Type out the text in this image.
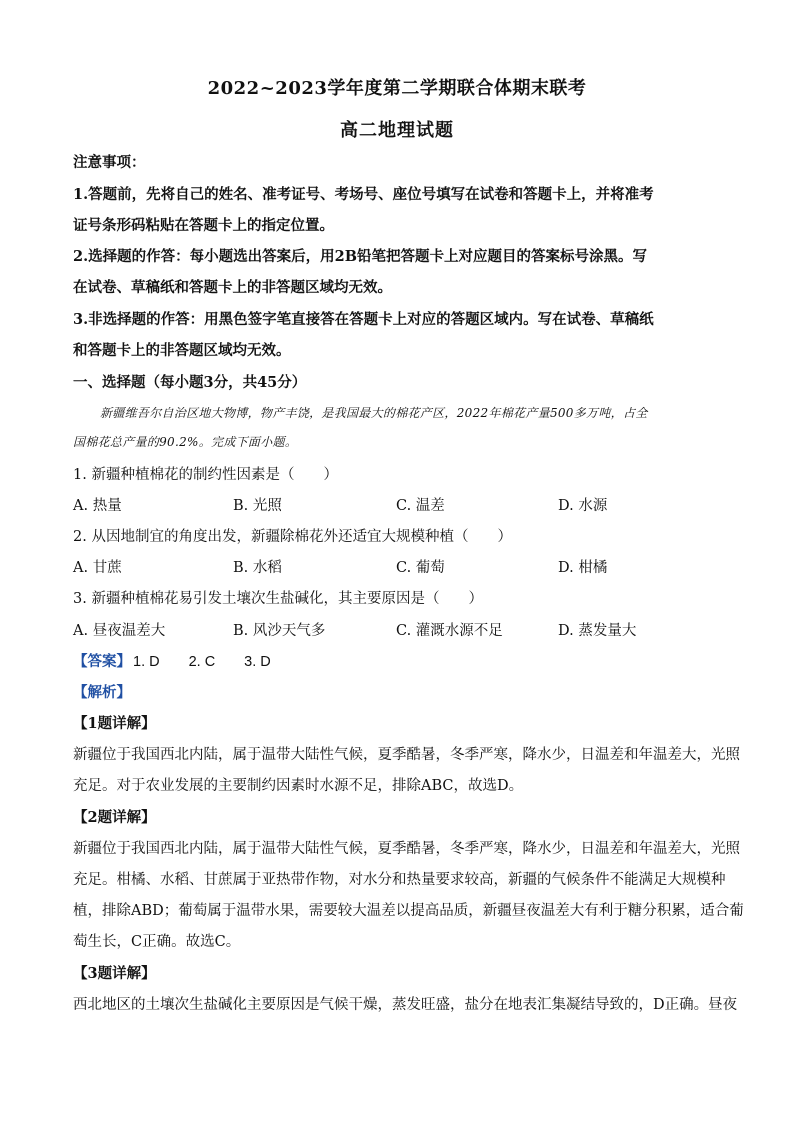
2022~2023学年度第二学期联合体期末联考
高二地理试题
注意事项：
1.答题前，先将自己的姓名、准考证号、考场号、座位号填写在试卷和答题卡上，并将准考
证号条形码粘贴在答题卡上的指定位置。
2.选择题的作答：每小题选出答案后，用2B铅笔把答题卡上对应题目的答案标号涂黑。写
在试卷、草稿纸和答题卡上的非答题区域均无效。
3.非选择题的作答：用黑色签字笔直接答在答题卡上对应的答题区域内。写在试卷、草稿纸
和答题卡上的非答题区域均无效。
一、选择题（每小题3分，共45分）
新疆维吾尔自治区地大物博，物产丰饶，是我国最大的棉花产区，2022年棉花产量500多万吨，占全
国棉花总产量的90.2%。完成下面小题。
1. 新疆种植棉花的制约性因素是（　　）
A. 热量	B. 光照	C. 温差	D. 水源
2. 从因地制宜的角度出发，新疆除棉花外还适宜大规模种植（　　）
A. 甘蔗	B. 水稻	C. 葡萄	D. 柑橘
3. 新疆种植棉花易引发土壤次生盐碱化，其主要原因是（　　）
A. 昼夜温差大	B. 风沙天气多	C. 灌溉水源不足	D. 蒸发量大
【答案】 1. D　　2. C　　3. D
【解析】
【1题详解】
新疆位于我国西北内陆，属于温带大陆性气候，夏季酷暑，冬季严寒，降水少，日温差和年温差大，光照
充足。对于农业发展的主要制约因素时水源不足，排除ABC，故选D。
【2题详解】
新疆位于我国西北内陆，属于温带大陆性气候，夏季酷暑，冬季严寒，降水少，日温差和年温差大，光照
充足。柑橘、水稻、甘蔗属于亚热带作物，对水分和热量要求较高，新疆的气候条件不能满足大规模种
植，排除ABD；葡萄属于温带水果，需要较大温差以提高品质，新疆昼夜温差大有利于糖分积累，适合葡
萄生长，C正确。故选C。
【3题详解】
西北地区的土壤次生盐碱化主要原因是气候干燥，蒸发旺盛，盐分在地表汇集凝结导致的，D正确。昼夜
